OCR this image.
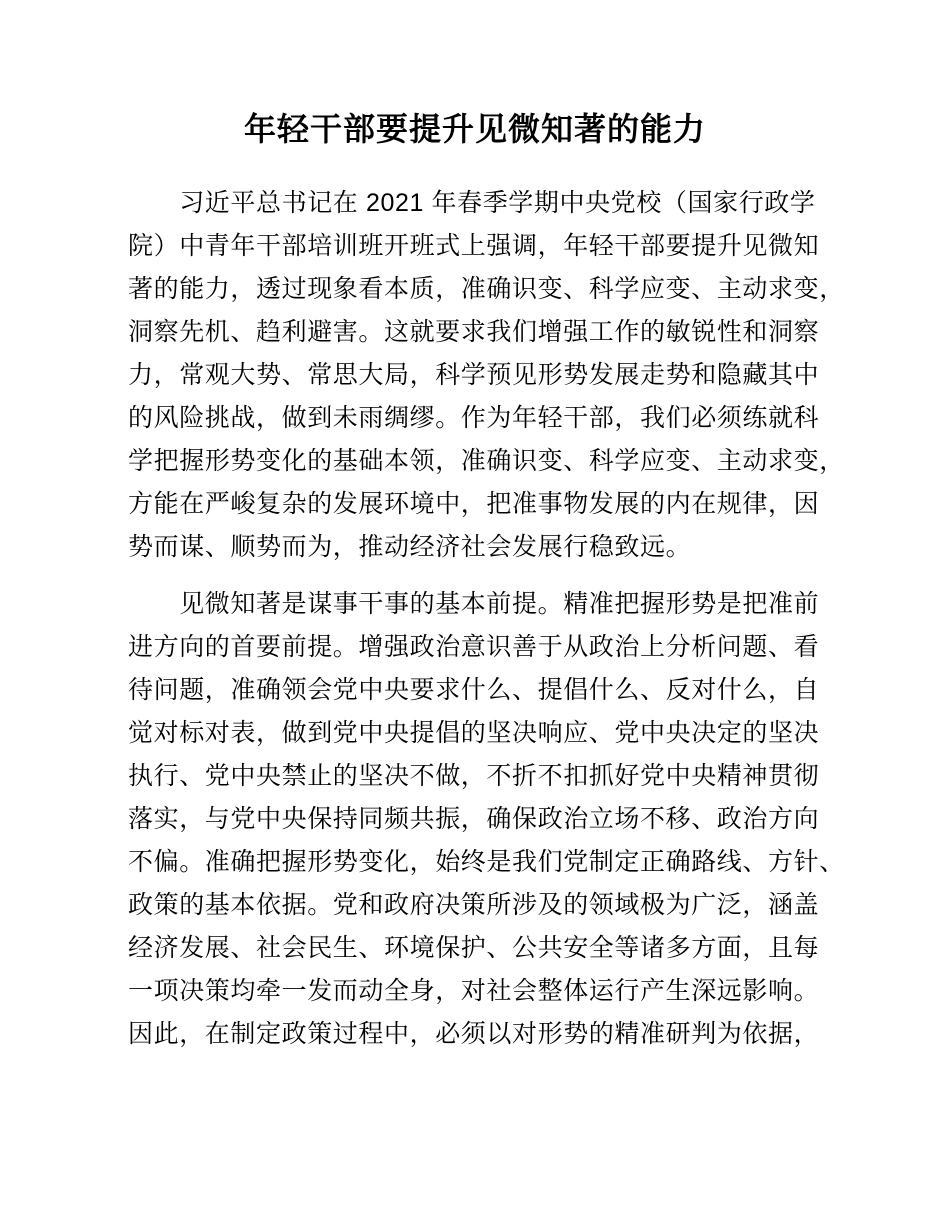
年轻干部要提升见微知著的能力
　　习近平总书记在 2021 年春季学期中央党校（国家行政学
院）中青年干部培训班开班式上强调，年轻干部要提升见微知
著的能力，透过现象看本质，准确识变、科学应变、主动求变，
洞察先机、趋利避害。这就要求我们增强工作的敏锐性和洞察
力，常观大势、常思大局，科学预见形势发展走势和隐藏其中
的风险挑战，做到未雨绸缪。作为年轻干部，我们必须练就科
学把握形势变化的基础本领，准确识变、科学应变、主动求变，
方能在严峻复杂的发展环境中，把准事物发展的内在规律，因
势而谋、顺势而为，推动经济社会发展行稳致远。
　　见微知著是谋事干事的基本前提。精准把握形势是把准前
进方向的首要前提。增强政治意识善于从政治上分析问题、看
待问题，准确领会党中央要求什么、提倡什么、反对什么，自
觉对标对表，做到党中央提倡的坚决响应、党中央决定的坚决
执行、党中央禁止的坚决不做，不折不扣抓好党中央精神贯彻
落实，与党中央保持同频共振，确保政治立场不移、政治方向
不偏。准确把握形势变化，始终是我们党制定正确路线、方针、
政策的基本依据。党和政府决策所涉及的领域极为广泛，涵盖
经济发展、社会民生、环境保护、公共安全等诸多方面，且每
一项决策均牵一发而动全身，对社会整体运行产生深远影响。
因此，在制定政策过程中，必须以对形势的精准研判为依据，
